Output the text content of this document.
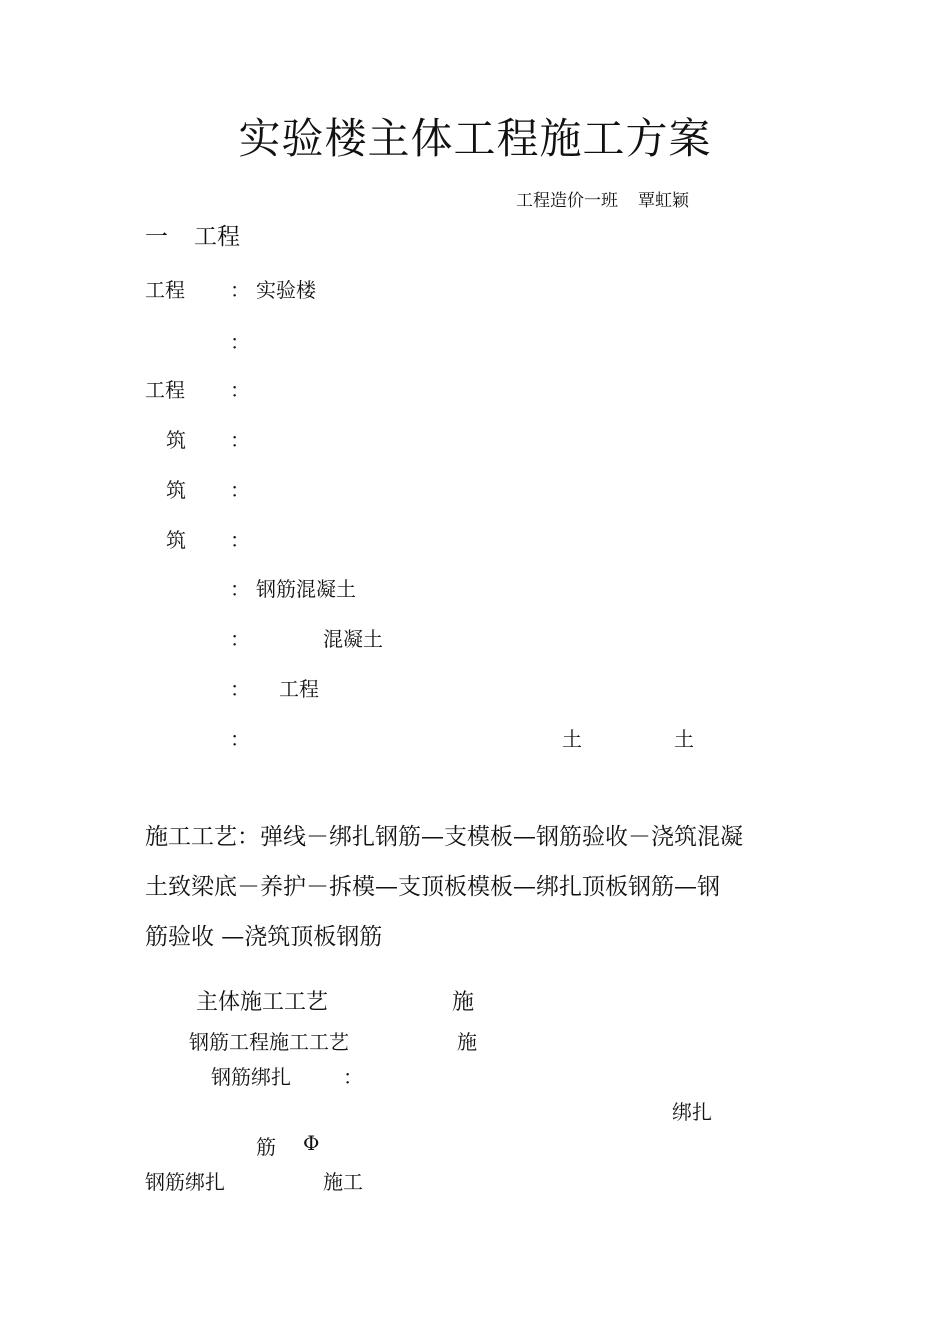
实验楼主体工程施工方案
工程造价一班 覃虹颖
一 工程
工程 ： 实验楼
：
工程 ：
筑 ：
筑 ：
筑 ：
： 钢筋混凝土
：	混凝土
： 工程
：	土	土
施工工艺：弹线－绑扎钢筋—支模板—钢筋验收－浇筑混凝
土致梁底－养护－拆模—支顶板模板—绑扎顶板钢筋—钢
筋验收 —浇筑顶板钢筋
主体施工工艺	施
钢筋工程施工工艺	施
钢筋绑扎	：
绑扎
筋 Φ
钢筋绑扎	施工
